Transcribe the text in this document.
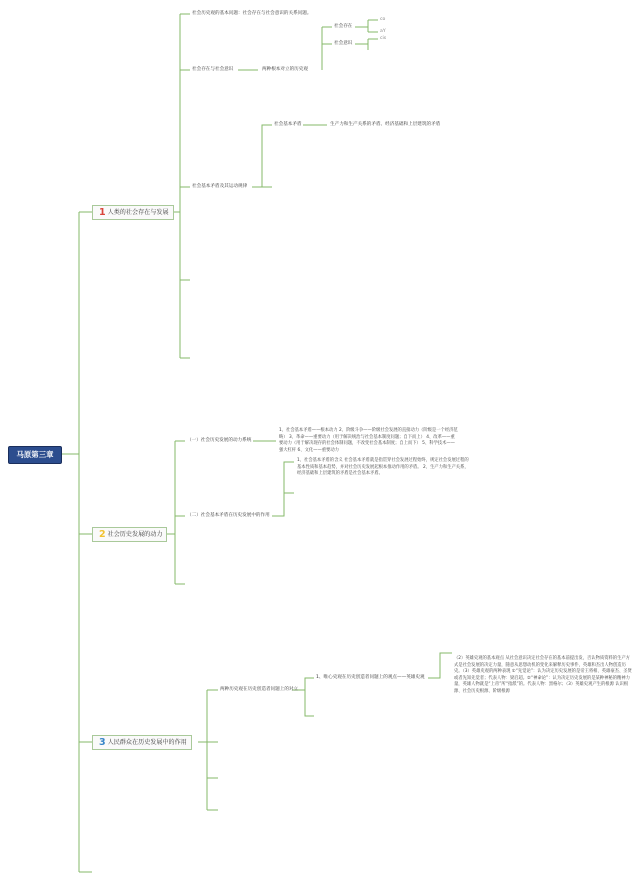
马原第三章
1 人类的社会存在与发展
2 社会历史发展的动力
3 人民群众在历史发展中的作用
社会历史观的基本问题：社会存在与社会意识的关系问题。
社会存在与社会意识	两种根本对立的历史观
社会存在
co
aY
社会意识
cis
社会基本矛盾及其运动规律
社会基本矛盾	生产力和生产关系的矛盾、经济基础和上层建筑的矛盾
（一）社会历史发展的动力系统
1、社会基本矛盾——根本动力 2、阶级斗争——阶级社会发展的直接动力（阶级是一个经济范畴） 3、革命——重要动力（用于解决统治与社会基本制度问题；自下而上） 4、改革——重要动力（用于解决现存的社会体制问题，不改变社会基本制度；自上而下） 5、科学技术——强大杠杆 6、文化——重要动力
（二）社会基本矛盾在历史发展中的作用
1、社会基本矛盾的含义 社会基本矛盾就是指贯穿社会发展过程始终，规定社会发展过程的基本性质和基本趋势，并对社会历史发展起根本推动作用的矛盾。 2、生产力和生产关系，经济基础和上层建筑的矛盾是社会基本矛盾。
两种历史观在历史创造者问题上的对立
1、唯心史观在历史创造者问题上的观点——英雄史观
（2）英雄史观的基本观点 从社会意识决定社会存在的基本前提出发，否认物质资料的生产方式是社会发展的决定力量，随意从思想动机的变化来解释历史事件，英雄和杰出人物创造历史。（3）英雄史观的两种表现 ①“先觉论”：认为决定历史发展的是帝王将相、英雄豪杰、圣贤或者先知先觉者；代表人物：梁启超。②“神命论”：认为决定历史发展的是某种神秘的精神力量，英雄人物就是“上帝”所“指派”的。代表人物：黑格尔；（3）英雄史观产生的根源 认识根源、社会历史根源、阶级根源
